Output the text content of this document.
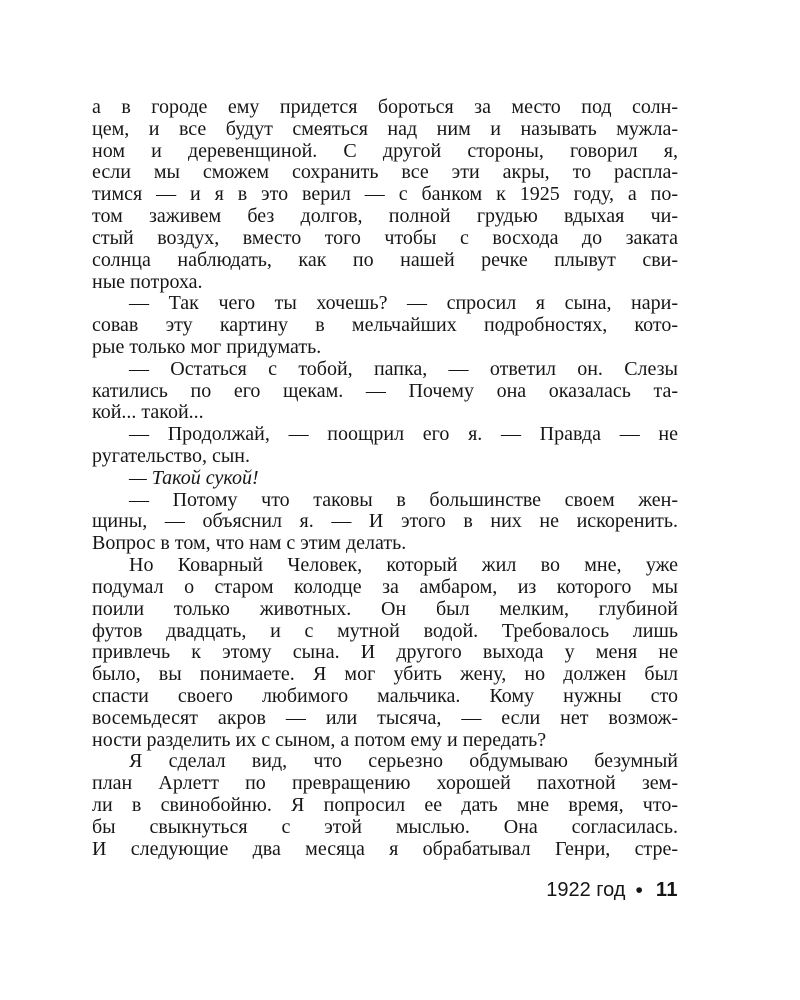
а в городе ему придется бороться за место под солн-
цем, и все будут смеяться над ним и называть мужла-
ном и деревенщиной. С другой стороны, говорил я,
если мы сможем сохранить все эти акры, то распла-
тимся — и я в это верил — с банком к 1925 году, а по-
том заживем без долгов, полной грудью вдыхая чи-
стый воздух, вместо того чтобы с восхода до заката
солнца наблюдать, как по нашей речке плывут сви-
ные потроха.
— Так чего ты хочешь? — спросил я сына, нари-
совав эту картину в мельчайших подробностях, кото-
рые только мог придумать.
— Остаться с тобой, папка, — ответил он. Слезы
катились по его щекам. — Почему она оказалась та-
кой... такой...
— Продолжай, — поощрил его я. — Правда — не
ругательство, сын.
— Такой сукой!
— Потому что таковы в большинстве своем жен-
щины, — объяснил я. — И этого в них не искоренить.
Вопрос в том, что нам с этим делать.
Но Коварный Человек, который жил во мне, уже
подумал о старом колодце за амбаром, из которого мы
поили только животных. Он был мелким, глубиной
футов двадцать, и с мутной водой. Требовалось лишь
привлечь к этому сына. И другого выхода у меня не
было, вы понимаете. Я мог убить жену, но должен был
спасти своего любимого мальчика. Кому нужны сто
восемьдесят акров — или тысяча, — если нет возмож-
ности разделить их с сыном, а потом ему и передать?
Я сделал вид, что серьезно обдумываю безумный
план Арлетт по превращению хорошей пахотной зем-
ли в свинобойню. Я попросил ее дать мне время, что-
бы свыкнуться с этой мыслью. Она согласилась.
И следующие два месяца я обрабатывал Генри, стре-
1922 год • 11
